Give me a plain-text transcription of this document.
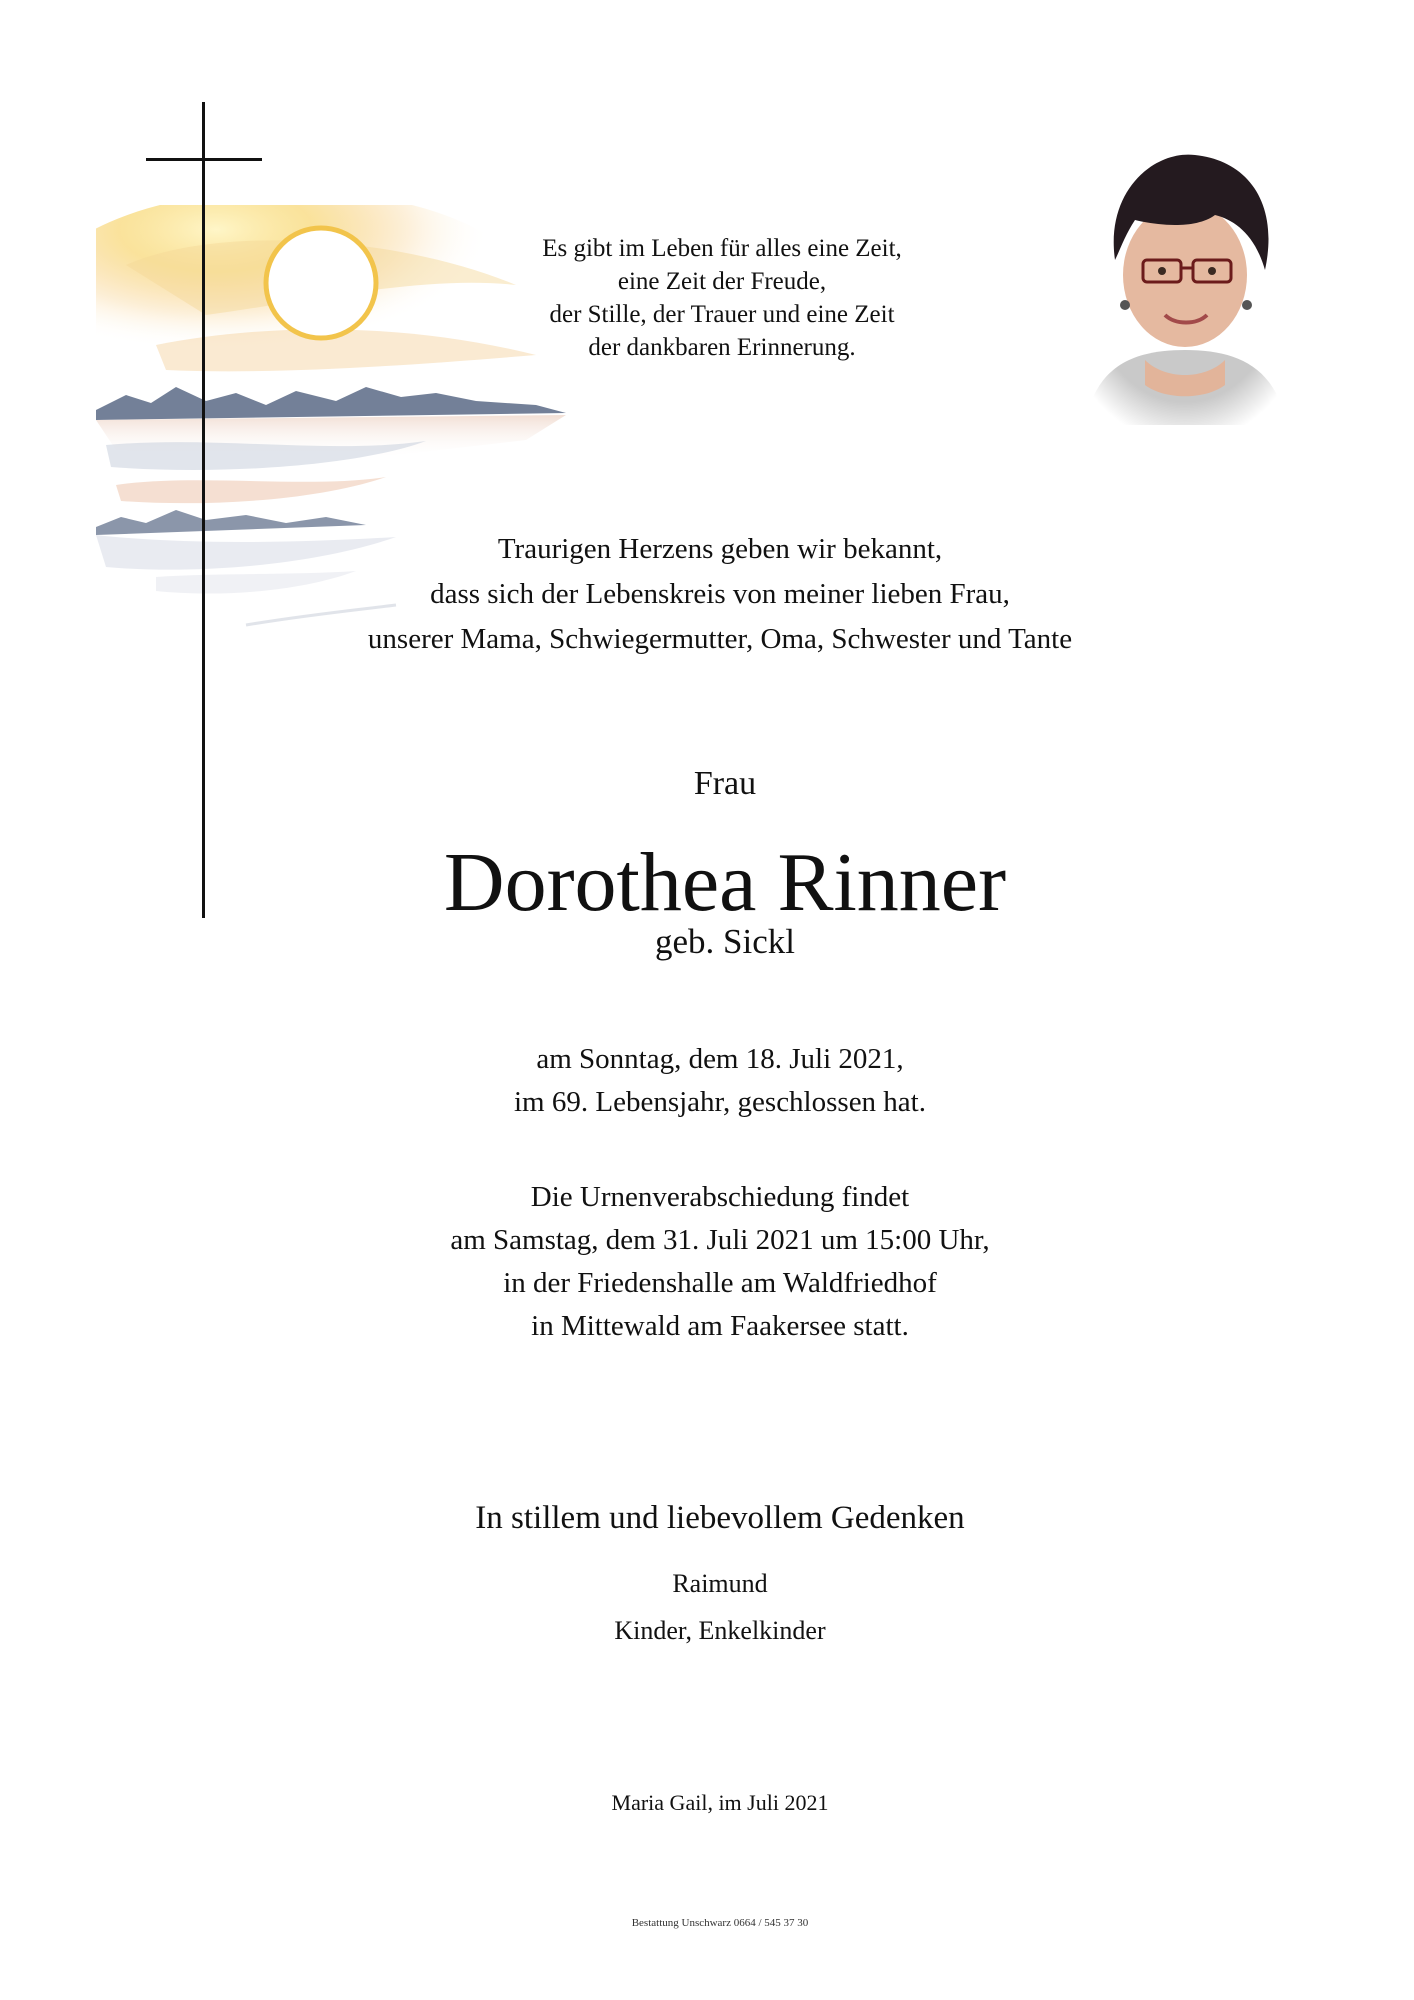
Es gibt im Leben für alles eine Zeit,
eine Zeit der Freude,
der Stille, der Trauer und eine Zeit
der dankbaren Erinnerung.
Traurigen Herzens geben wir bekannt,
dass sich der Lebenskreis von meiner lieben Frau,
unserer Mama, Schwiegermutter, Oma, Schwester und Tante
Frau
Dorothea Rinner
geb. Sickl
am Sonntag, dem 18. Juli 2021,
im 69. Lebensjahr, geschlossen hat.
Die Urnenverabschiedung findet
am Samstag, dem 31. Juli 2021 um 15:00 Uhr,
in der Friedenshalle am Waldfriedhof
in Mittewald am Faakersee statt.
In stillem und liebevollem Gedenken
Raimund
Kinder, Enkelkinder
Maria Gail, im Juli 2021
Bestattung Unschwarz 0664 / 545 37 30
